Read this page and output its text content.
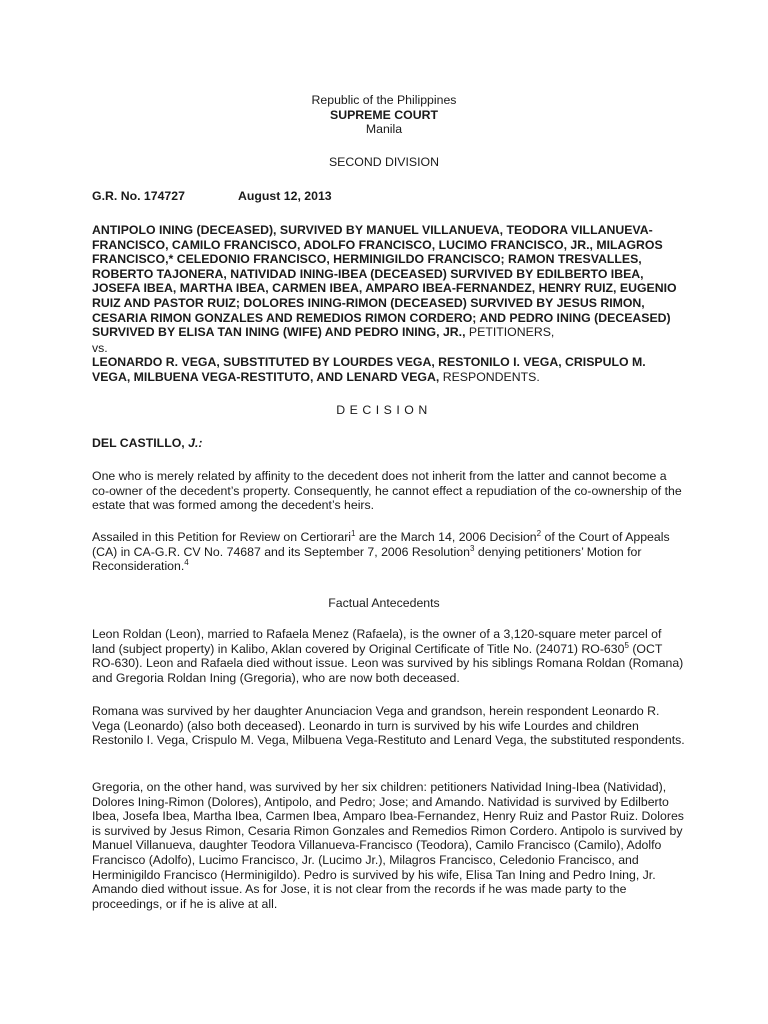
Republic of the Philippines
SUPREME COURT
Manila
SECOND DIVISION
G.R. No. 174727	August 12, 2013
ANTIPOLO INING (DECEASED), SURVIVED BY MANUEL VILLANUEVA, TEODORA VILLANUEVA-FRANCISCO, CAMILO FRANCISCO, ADOLFO FRANCISCO, LUCIMO FRANCISCO, JR., MILAGROS FRANCISCO,* CELEDONIO FRANCISCO, HERMINIGILDO FRANCISCO; RAMON TRESVALLES, ROBERTO TAJONERA, NATIVIDAD INING-IBEA (DECEASED) SURVIVED BY EDILBERTO IBEA, JOSEFA IBEA, MARTHA IBEA, CARMEN IBEA, AMPARO IBEA-FERNANDEZ, HENRY RUIZ, EUGENIO RUIZ AND PASTOR RUIZ; DOLORES INING-RIMON (DECEASED) SURVIVED BY JESUS RIMON, CESARIA RIMON GONZALES AND REMEDIOS RIMON CORDERO; AND PEDRO INING (DECEASED) SURVIVED BY ELISA TAN INING (WIFE) AND PEDRO INING, JR., PETITIONERS,
vs.
LEONARDO R. VEGA, SUBSTITUTED BY LOURDES VEGA, RESTONILO I. VEGA, CRISPULO M. VEGA, MILBUENA VEGA-RESTITUTO, AND LENARD VEGA, RESPONDENTS.
DECISION
DEL CASTILLO, J.:

One who is merely related by affinity to the decedent does not inherit from the latter and cannot become a co-owner of the decedent’s property. Consequently, he cannot effect a repudiation of the co-ownership of the estate that was formed among the decedent’s heirs.

Assailed in this Petition for Review on Certiorari$^1$ are the March 14, 2006 Decision$^2$ of the Court of Appeals (CA) in CA-G.R. CV No. 74687 and its September 7, 2006 Resolution$^3$ denying petitioners’ Motion for Reconsideration.$^4$

Factual Antecedents

Leon Roldan (Leon), married to Rafaela Menez (Rafaela), is the owner of a 3,120-square meter parcel of land (subject property) in Kalibo, Aklan covered by Original Certificate of Title No. (24071) $RO-630^5$ (OCT RO-630). Leon and Rafaela died without issue. Leon was survived by his siblings Romana Roldan (Romana) and Gregoria Roldan Ining (Gregoria), who are now both deceased.

Romana was survived by her daughter Anunciacion Vega and grandson, herein respondent Leonardo R. Vega (Leonardo) (also both deceased). Leonardo in turn is survived by his wife Lourdes and children Restonilo I. Vega, Crispulo M. Vega, Milbuena Vega-Restituto and Lenard Vega, the substituted respondents.

Gregoria, on the other hand, was survived by her six children: petitioners Natividad Ining-Ibea (Natividad), Dolores Ining-Rimon (Dolores), Antipolo, and Pedro; Jose; and Amando. Natividad is survived by Edilberto Ibea, Josefa Ibea, Martha Ibea, Carmen Ibea, Amparo Ibea-Fernandez, Henry Ruiz and Pastor Ruiz. Dolores is survived by Jesus Rimon, Cesaria Rimon Gonzales and Remedios Rimon Cordero. Antipolo is survived by Manuel Villanueva, daughter Teodora Villanueva-Francisco (Teodora), Camilo Francisco (Camilo), Adolfo Francisco (Adolfo), Lucimo Francisco, Jr. (Lucimo Jr.), Milagros Francisco, Celedonio Francisco, and Herminigildo Francisco (Herminigildo). Pedro is survived by his wife, Elisa Tan Ining and Pedro Ining, Jr. Amando died without issue. As for Jose, it is not clear from the records if he was made party to the proceedings, or if he is alive at all.
